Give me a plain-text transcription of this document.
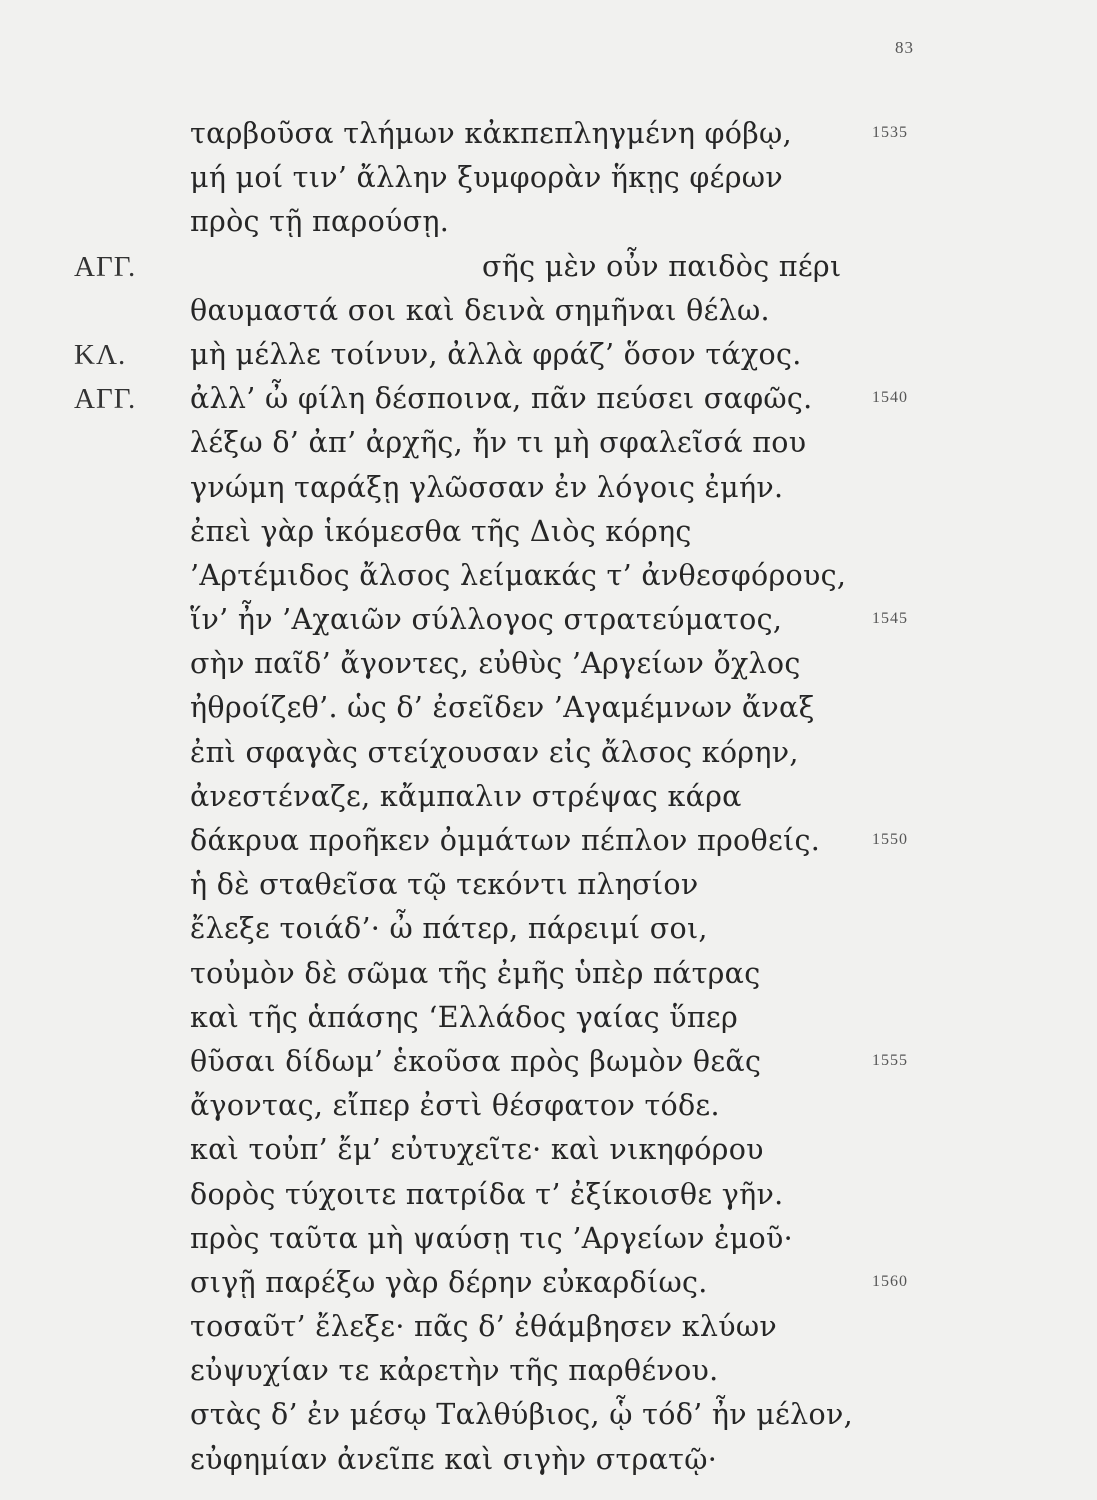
83
ταρβοῦσα τλήμων κἀκπεπληγμένη φόβῳ,	1535
μή μοί τιν’ ἄλλην ξυμφορὰν ἥκῃς φέρων
πρὸς τῇ παρούσῃ.
ΑΓΓ.	σῆς μὲν οὖν παιδὸς πέρι
θαυμαστά σοι καὶ δεινὰ σημῆναι θέλω.
ΚΛ. μὴ μέλλε τοίνυν, ἀλλὰ φράζ’ ὅσον τάχος.
ΑΓΓ. ἀλλ’ ὦ φίλη δέσποινα, πᾶν πεύσει σαφῶς.	1540
λέξω δ’ ἀπ’ ἀρχῆς, ἤν τι μὴ σφαλεῖσά που
γνώμη ταράξῃ γλῶσσαν ἐν λόγοις ἐμήν.
ἐπεὶ γὰρ ἱκόμεσθα τῆς Διὸς κόρης
’Αρτέμιδος ἄλσος λείμακάς τ’ ἀνθεσφόρους,
ἵν’ ἦν ’Αχαιῶν σύλλογος στρατεύματος,	1545
σὴν παῖδ’ ἄγοντες, εὐθὺς ’Αργείων ὄχλος
ἠθροίζεθ’. ὡς δ’ ἐσεῖδεν ’Αγαμέμνων ἄναξ
ἐπὶ σφαγὰς στείχουσαν εἰς ἄλσος κόρην,
ἀνεστέναζε, κἄμπαλιν στρέψας κάρα
δάκρυα προῆκεν ὀμμάτων πέπλον προθείς.	1550
ἡ δὲ σταθεῖσα τῷ τεκόντι πλησίον
ἔλεξε τοιάδ’· ὦ πάτερ, πάρειμί σοι,
τοὐμὸν δὲ σῶμα τῆς ἐμῆς ὑπὲρ πάτρας
καὶ τῆς ἁπάσης ‘Ελλάδος γαίας ὕπερ
θῦσαι δίδωμ’ ἑκοῦσα πρὸς βωμὸν θεᾶς	1555
ἄγοντας, εἴπερ ἐστὶ θέσφατον τόδε.
καὶ τοὐπ’ ἔμ’ εὐτυχεῖτε· καὶ νικηφόρου
δορὸς τύχοιτε πατρίδα τ’ ἐξίκοισθε γῆν.
πρὸς ταῦτα μὴ ψαύσῃ τις ’Αργείων ἐμοῦ·
σιγῇ παρέξω γὰρ δέρην εὐκαρδίως.	1560
τοσαῦτ’ ἔλεξε· πᾶς δ’ ἐθάμβησεν κλύων
εὐψυχίαν τε κἀρετὴν τῆς παρθένου.
στὰς δ’ ἐν μέσῳ Ταλθύβιος, ᾧ τόδ’ ἦν μέλον,
εὐφημίαν ἀνεῖπε καὶ σιγὴν στρατῷ·
